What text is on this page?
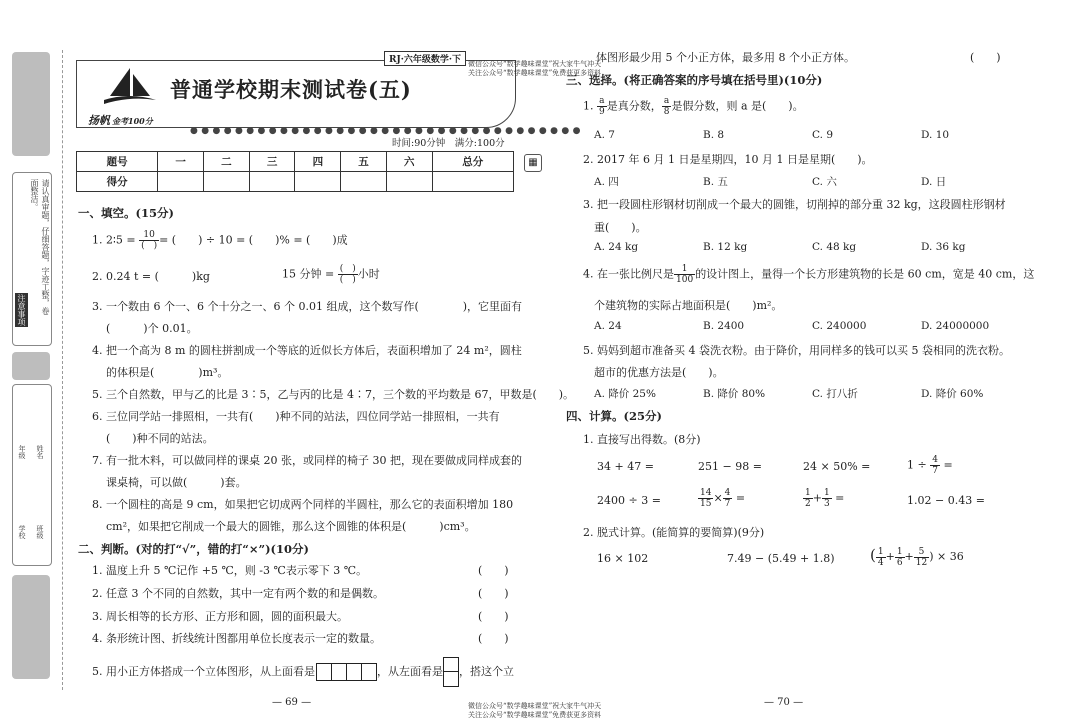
请认真审题，仔细答题，字迹工整，卷面整洁。
注意事项
年级 姓名
学校 班级
RJ·六年级数学·下
扬帆 金考100分
普通学校期末测试卷(五)
●●●●●●●●●●●●●●●●●●●●●●●●●●●●●●●●●●●
时间:90分钟　满分:100分
微信公众号“数学趣味课堂”祝大家牛气冲天
关注公众号“数学趣味课堂”免费获更多资料
题号	一	二	三	四	五	六	总分
得分							
▦
一、填空。(15分)
1. 2∶5 = $\frac{10}{( )}$ = (　　) ÷ 10 = (　　)% = (　　)成
2. 0.24 t = (　　　)kg	15 分钟 = $\frac{( )}{( )}$ 小时
3. 一个数由 6 个一、6 个十分之一、6 个 0.01 组成，这个数写作(　　　　)，它里面有
(　　　)个 0.01。
4. 把一个高为 8 m 的圆柱拼割成一个等底的近似长方体后，表面积增加了 24 m²，圆柱
的体积是(　　　　)m³。
5. 三个自然数，甲与乙的比是 3∶5，乙与丙的比是 4∶7，三个数的平均数是 67，甲数是(　　)。
6. 三位同学站一排照相，一共有(　　)种不同的站法，四位同学站一排照相，一共有
(　　)种不同的站法。
7. 有一批木料，可以做同样的课桌 20 张，或同样的椅子 30 把，现在要做成同样成套的
课桌椅，可以做(　　　)套。
8. 一个圆柱的高是 9 cm，如果把它切成两个同样的半圆柱，那么它的表面积增加 180
cm²，如果把它削成一个最大的圆锥，那么这个圆锥的体积是(　　　)cm³。
二、判断。(对的打“√”，错的打“×”)(10分)
1. 温度上升 5 ℃记作 +5 ℃，则 -3 ℃表示零下 3 ℃。	(　　)
2. 任意 3 个不同的自然数，其中一定有两个数的和是偶数。	(　　)
3. 周长相等的长方形、正方形和圆，圆的面积最大。	(　　)
4. 条形统计图、折线统计图都用单位长度表示一定的数量。	(　　)
5. 用小正方体搭成一个立体图形，从上面看是	，从左面看是 ，搭这个立
— 69 —
体图形最少用 5 个小正方体，最多用 8 个小正方体。	(　　)
三、选择。(将正确答案的序号填在括号里)(10分)
1. $\frac{a}{9}$ 是真分数， $\frac{a}{8}$ 是假分数，则 a 是(　　)。
A. 7	B. 8	C. 9	D. 10
2. 2017 年 6 月 1 日是星期四，10 月 1 日是星期(　　)。
A. 四	B. 五	C. 六	D. 日
3. 把一段圆柱形钢材切削成一个最大的圆锥，切削掉的部分重 32 kg，这段圆柱形钢材
重(　　)。
A. 24 kg	B. 12 kg	C. 48 kg	D. 36 kg
4. 在一张比例尺是 $\frac{1}{100}$ 的设计图上，量得一个长方形建筑物的长是 60 cm，宽是 40 cm，这
个建筑物的实际占地面积是(　　)m²。
A. 24	B. 2400	C. 240000	D. 24000000
5. 妈妈到超市准备买 4 袋洗衣粉。由于降价，用同样多的钱可以买 5 袋相同的洗衣粉。
超市的优惠方法是(　　)。
A. 降价 25%	B. 降价 80%	C. 打八折	D. 降价 60%
四、计算。(25分)
1. 直接写出得数。(8分)
34 + 47 =	251 − 98 =	24 × 50% =	$1 \div \frac{4}{7}$ =
2400 ÷ 3 =	$\frac{14}{15} \times \frac{4}{7}$ =	$\frac{1}{2} + \frac{1}{3}$ =	1.02 − 0.43 =
2. 脱式计算。(能简算的要简算)(9分)
16 × 102	7.49 − (5.49 + 1.8) ( $\frac{1}{4} + \frac{1}{6} + \frac{5}{12}$ ) × 36
— 70 —
微信公众号“数学趣味课堂”祝大家牛气冲天
关注公众号“数学趣味课堂”免费获更多资料
